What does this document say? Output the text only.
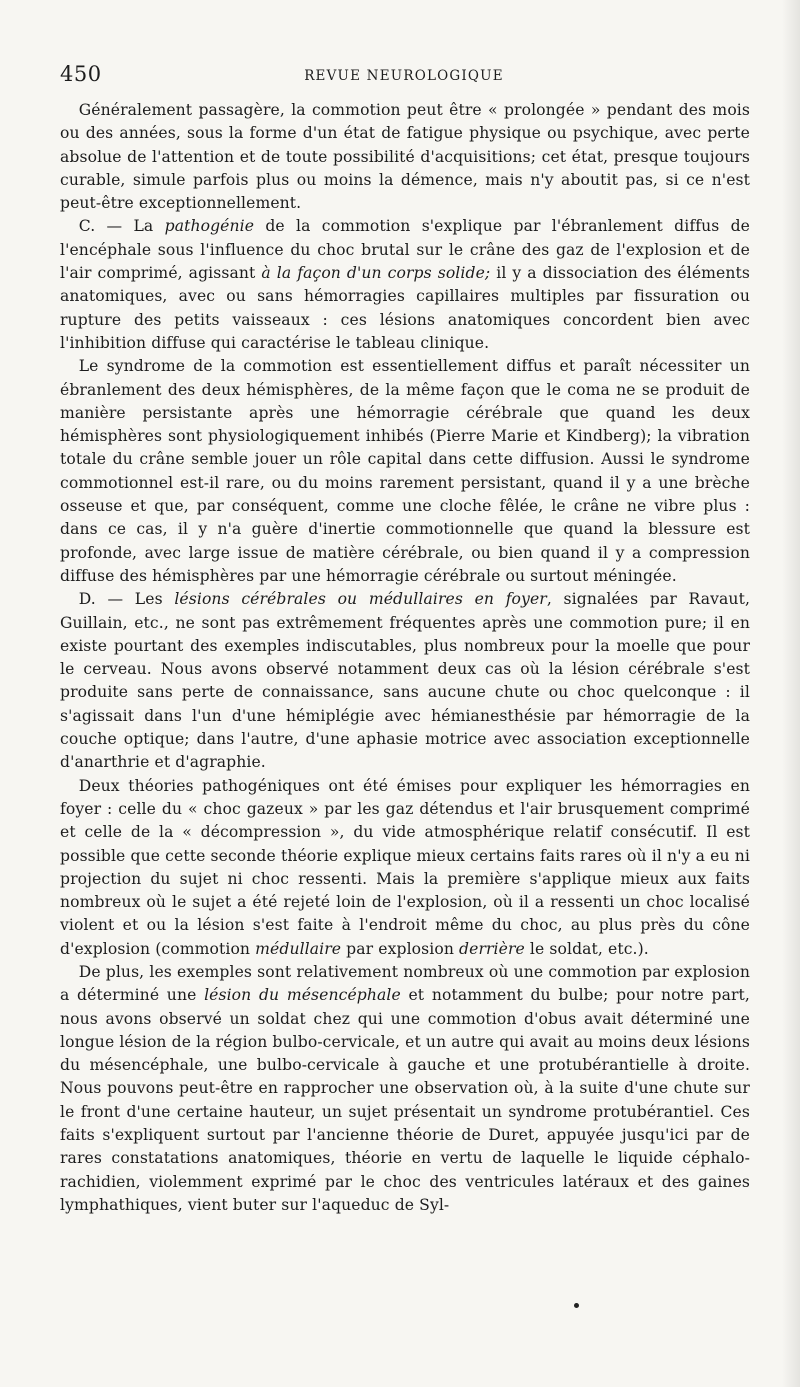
450	REVUE NEUROLOGIQUE

Généralement passagère, la commotion peut être « prolongée » pendant des mois ou des années, sous la forme d'un état de fatigue physique ou psychique, avec perte absolue de l'attention et de toute possibilité d'acquisitions; cet état, presque toujours curable, simule parfois plus ou moins la démence, mais n'y aboutit pas, si ce n'est peut-être exceptionnellement.

C. — La pathogénie de la commotion s'explique par l'ébranlement diffus de l'encéphale sous l'influence du choc brutal sur le crâne des gaz de l'explosion et de l'air comprimé, agissant à la façon d'un corps solide; il y a dissociation des éléments anatomiques, avec ou sans hémorragies capillaires multiples par fissuration ou rupture des petits vaisseaux : ces lésions anatomiques concordent bien avec l'inhibition diffuse qui caractérise le tableau clinique.

Le syndrome de la commotion est essentiellement diffus et paraît nécessiter un ébranlement des deux hémisphères, de la même façon que le coma ne se produit de manière persistante après une hémorragie cérébrale que quand les deux hémisphères sont physiologiquement inhibés (Pierre Marie et Kindberg); la vibration totale du crâne semble jouer un rôle capital dans cette diffusion. Aussi le syndrome commotionnel est-il rare, ou du moins rarement persistant, quand il y a une brèche osseuse et que, par conséquent, comme une cloche fêlée, le crâne ne vibre plus : dans ce cas, il y n'a guère d'inertie commotionnelle que quand la blessure est profonde, avec large issue de matière cérébrale, ou bien quand il y a compression diffuse des hémisphères par une hémorragie cérébrale ou surtout méningée.

D. — Les lésions cérébrales ou médullaires en foyer, signalées par Ravaut, Guillain, etc., ne sont pas extrêmement fréquentes après une commotion pure; il en existe pourtant des exemples indiscutables, plus nombreux pour la moelle que pour le cerveau. Nous avons observé notamment deux cas où la lésion cérébrale s'est produite sans perte de connaissance, sans aucune chute ou choc quelconque : il s'agissait dans l'un d'une hémiplégie avec hémianesthésie par hémorragie de la couche optique; dans l'autre, d'une aphasie motrice avec association exceptionnelle d'anarthrie et d'agraphie.

Deux théories pathogéniques ont été émises pour expliquer les hémorragies en foyer : celle du « choc gazeux » par les gaz détendus et l'air brusquement comprimé et celle de la « décompression », du vide atmosphérique relatif consécutif. Il est possible que cette seconde théorie explique mieux certains faits rares où il n'y a eu ni projection du sujet ni choc ressenti. Mais la première s'applique mieux aux faits nombreux où le sujet a été rejeté loin de l'explosion, où il a ressenti un choc localisé violent et ou la lésion s'est faite à l'endroit même du choc, au plus près du cône d'explosion (commotion médullaire par explosion derrière le soldat, etc.).

De plus, les exemples sont relativement nombreux où une commotion par explosion a déterminé une lésion du mésencéphale et notamment du bulbe; pour notre part, nous avons observé un soldat chez qui une commotion d'obus avait déterminé une longue lésion de la région bulbo-cervicale, et un autre qui avait au moins deux lésions du mésencéphale, une bulbo-cervicale à gauche et une protubérantielle à droite. Nous pouvons peut-être en rapprocher une observation où, à la suite d'une chute sur le front d'une certaine hauteur, un sujet présentait un syndrome protubérantiel. Ces faits s'expliquent surtout par l'ancienne théorie de Duret, appuyée jusqu'ici par de rares constatations anatomiques, théorie en vertu de laquelle le liquide céphalo-rachidien, violemment exprimé par le choc des ventricules latéraux et des gaines lymphathiques, vient buter sur l'aqueduc de Syl-
